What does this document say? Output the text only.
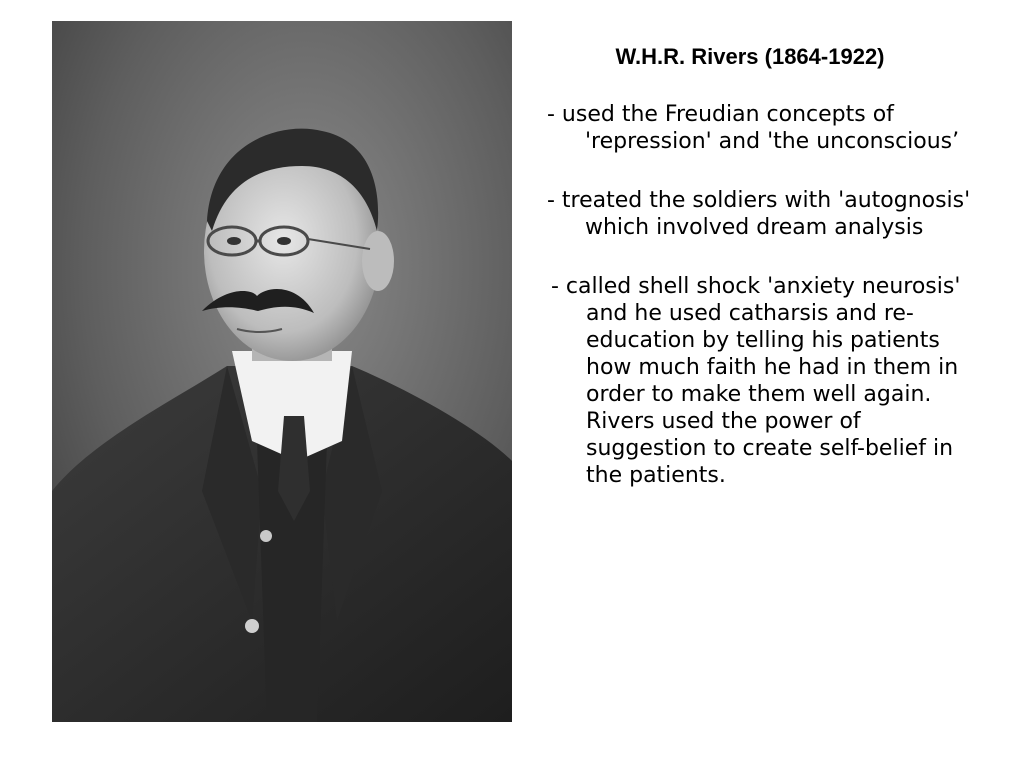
W.H.R. Rivers (1864-1922)

- used the Freudian concepts of 'repression' and 'the unconscious’

- treated the soldiers with 'autognosis' which involved dream analysis

- called shell shock 'anxiety neurosis' and he used catharsis and re-education by telling his patients how much faith he had in them in order to make them well again. Rivers used the power of suggestion to create self-belief in the patients.
